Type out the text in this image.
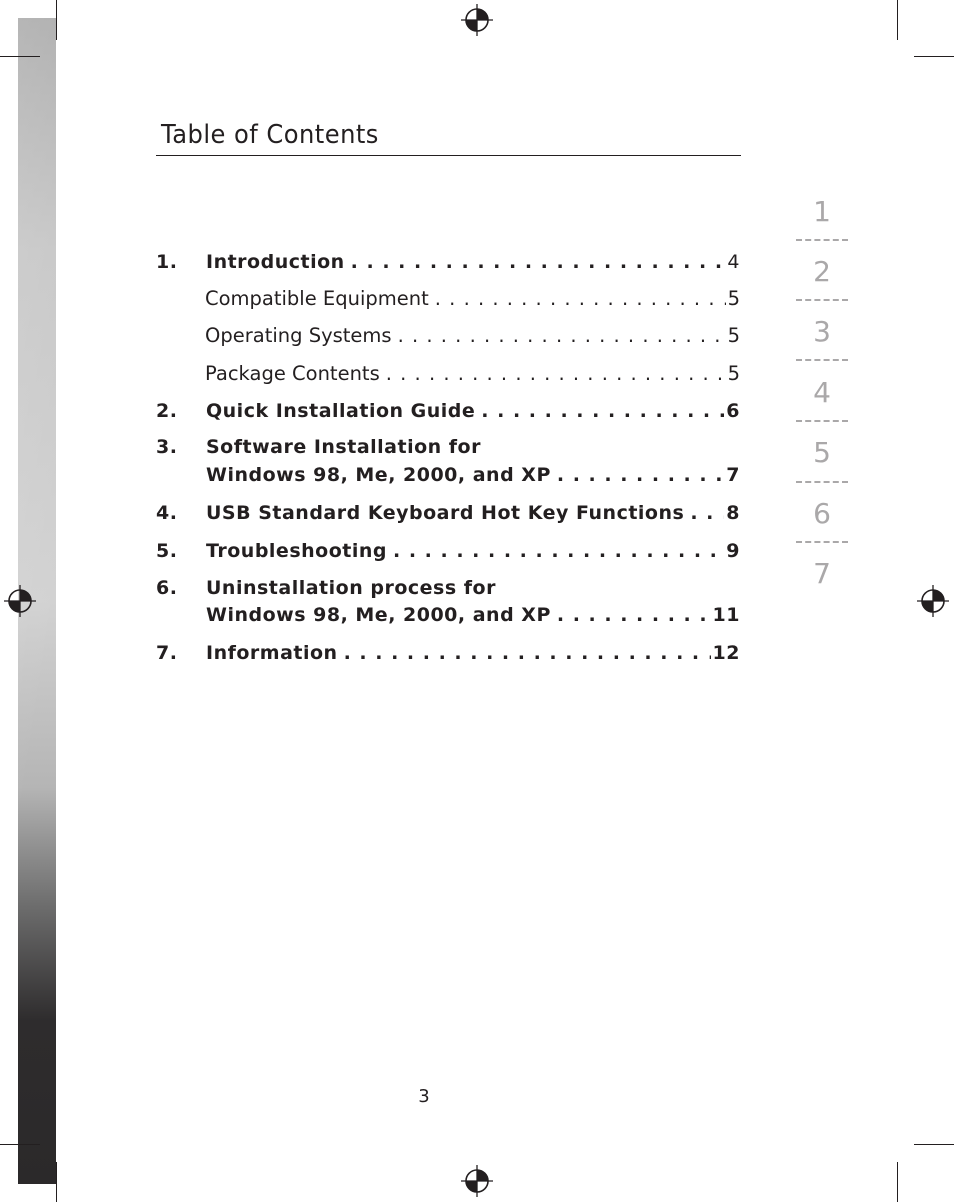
Table of Contents
1.	Introduction . . .	4
Compatible Equipment . . .	5
Operating Systems . . .	5
Package Contents . . .	5
2.	Quick Installation Guide . . .	6
3.	Software Installation for
Windows 98, Me, 2000, and XP . . .	7
4.	USB Standard Keyboard Hot Key Functions . . .	8
5.	Troubleshooting . . .	9
6.	Uninstallation process for
Windows 98, Me, 2000, and XP . . .	11
7.	Information . . .	12
1
2
3
4
5
6
7
3
